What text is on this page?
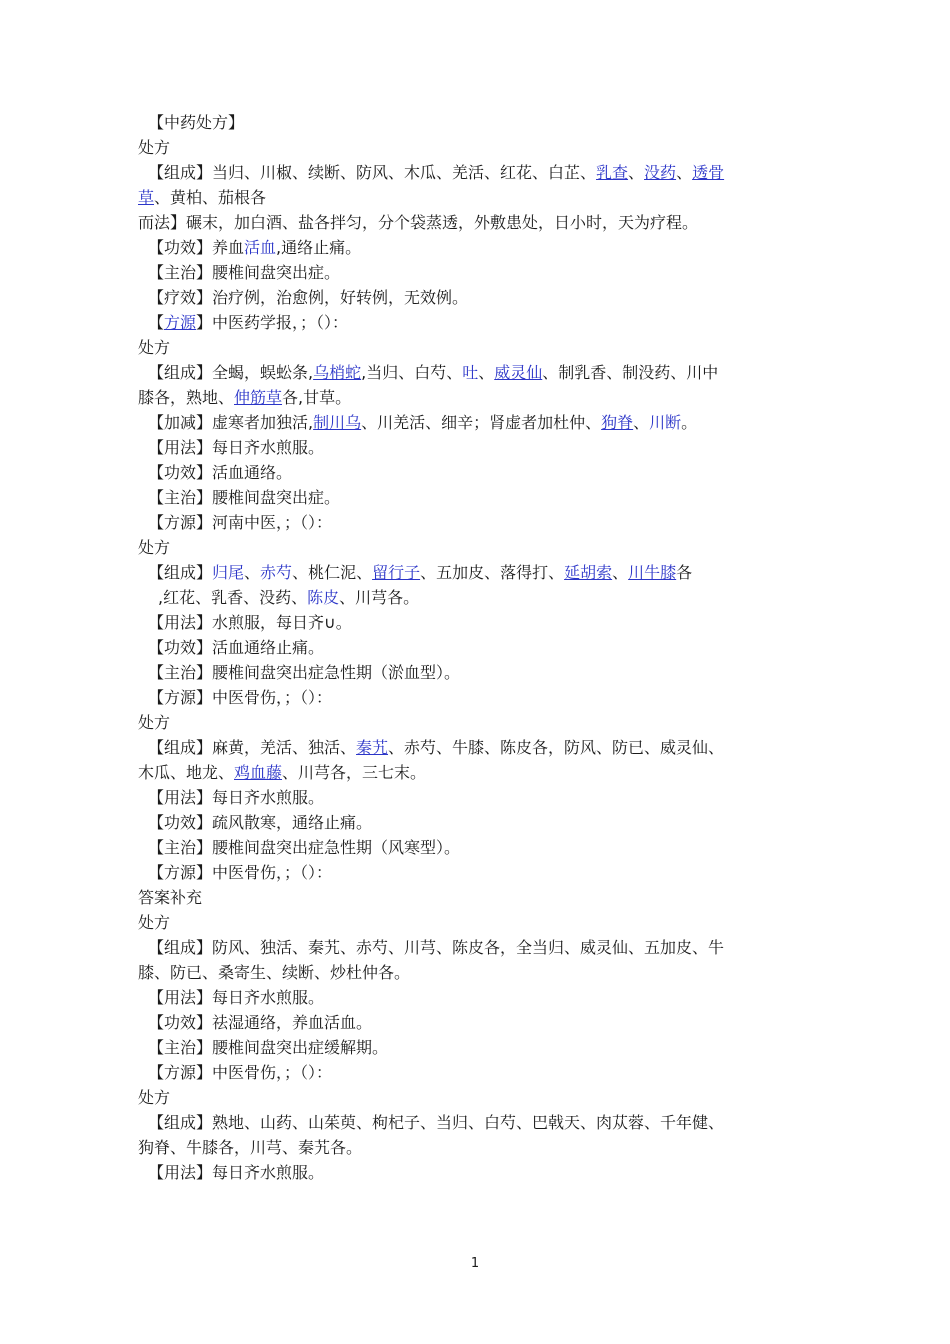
【中药处方】
处方
【组成】当归、川椒、续断、防风、木瓜、羌活、红花、白芷、乳查、没药、透骨
草、黄柏、茄根各
而法】碾末，加白酒、盐各拌匀，分个袋蒸透，外敷患处，日小时，天为疗程。
【功效】养血活血,通络止痛。
【主治】腰椎间盘突出症。
【疗效】治疗例，治愈例，好转例，无效例。
【方源】中医药学报，；（）：
处方
【组成】全蝎，蜈蚣条,乌梢蛇,当归、白芍、吐、威灵仙、制乳香、制没药、川中
膝各，熟地、伸筋草各,甘草。
【加减】虚寒者加独活,制川乌、川羌活、细辛；肾虚者加杜仲、狗脊、川断。
【用法】每日齐水煎服。
【功效】活血通络。
【主治】腰椎间盘突出症。
【方源】河南中医，；（）：
处方
【组成】归尾、赤芍、桃仁泥、留行子、五加皮、落得打、延胡索、川牛膝各
,红花、乳香、没药、陈皮、川芎各。
【用法】水煎服，每日齐∪。
【功效】活血通络止痛。
【主治】腰椎间盘突出症急性期（淤血型）。
【方源】中医骨伤，；（）：
处方
【组成】麻黄，羌活、独活、秦艽、赤芍、牛膝、陈皮各，防风、防已、威灵仙、
木瓜、地龙、鸡血藤、川芎各，三七末。
【用法】每日齐水煎服。
【功效】疏风散寒，通络止痛。
【主治】腰椎间盘突出症急性期（风寒型）。
【方源】中医骨伤，；（）：
答案补充
处方
【组成】防风、独活、秦艽、赤芍、川芎、陈皮各，全当归、威灵仙、五加皮、牛
膝、防已、桑寄生、续断、炒杜仲各。
【用法】每日齐水煎服。
【功效】祛湿通络，养血活血。
【主治】腰椎间盘突出症缓解期。
【方源】中医骨伤，；（）：
处方
【组成】熟地、山药、山茱萸、枸杞子、当归、白芍、巴戟天、肉苁蓉、千年健、
狗脊、牛膝各，川芎、秦艽各。
【用法】每日齐水煎服。
1
